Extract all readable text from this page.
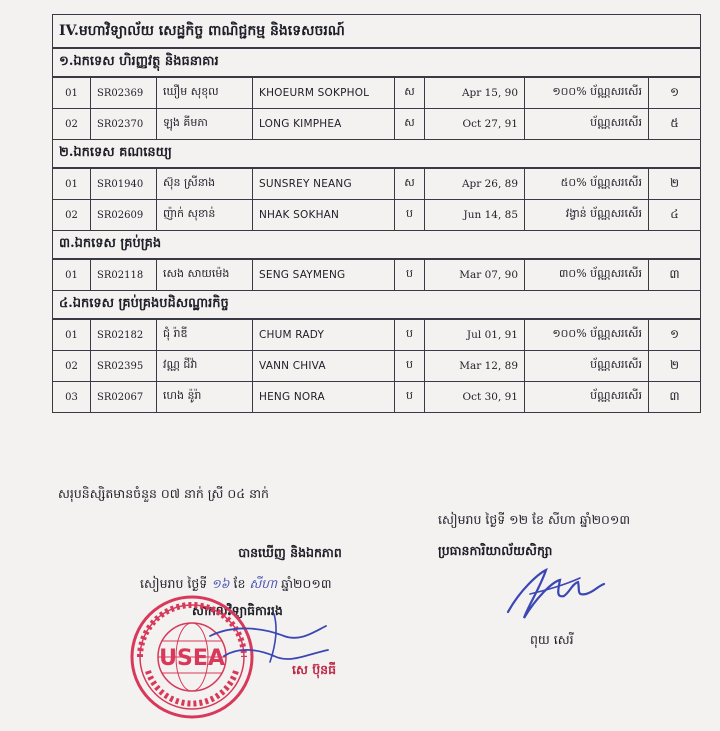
IV.មហាវិទ្យាល័យ សេដ្ឋកិច្ច ពាណិជ្ជកម្ម និងទេសចរណ៍							
១.ឯកទេស ហិរញ្ញវត្ថុ និងធនាគារ							
01	SR02369	ឃឿម សុខុល	KHOEURM SOKPHOL	ស	Apr 15, 90	១០០% ប័ណ្ណសរសើរ	១
02	SR02370	ឡុង គីមភា	LONG KIMPHEA	ស	Oct 27, 91	ប័ណ្ណសរសើរ	៥
២.ឯកទេស គណនេយ្យ							
01	SR01940	ស៊ុន ស្រីនាង	SUNSREY NEANG	ស	Apr 26, 89	៥០% ប័ណ្ណសរសើរ	២
02	SR02609	ញ៉ាក់ សុខាន់	NHAK SOKHAN	ប	Jun 14, 85	វង្វាន់ ប័ណ្ណសរសើរ	៤
៣.ឯកទេស គ្រប់គ្រង							
01	SR02118	សេង សាយម៉េង	SENG SAYMENG	ប	Mar 07, 90	៣០% ប័ណ្ណសរសើរ	៣
៤.ឯកទេស គ្រប់គ្រងបដិសណ្ឋារកិច្ច							
01	SR02182	ជុំ រ៉ាឌី	CHUM RADY	ប	Jul 01, 91	១០០% ប័ណ្ណសរសើរ	១
02	SR02395	វណ្ណ ជីវ៉ា	VANN CHIVA	ប	Mar 12, 89	ប័ណ្ណសរសើរ	២
03	SR02067	ហេង ន៉ូរ៉ា	HENG NORA	ប	Oct 30, 91	ប័ណ្ណសរសើរ	៣
សរុបនិស្សិតមានចំនួន ០៧ នាក់ ស្រី ០៤ នាក់
សៀមរាប ថ្ងៃទី ១២ ខែ សីហា ឆ្នាំ២០១៣
ប្រធានការិយាល័យសិក្សា
ពុយ សេរី
បានឃើញ និងឯកភាព
សៀមរាប ថ្ងៃទី ១៦ ខែ សីហា ឆ្នាំ២០១៣
សាកលវិទ្យាធិការរង
សេ ប៊ុនធី
USEA
